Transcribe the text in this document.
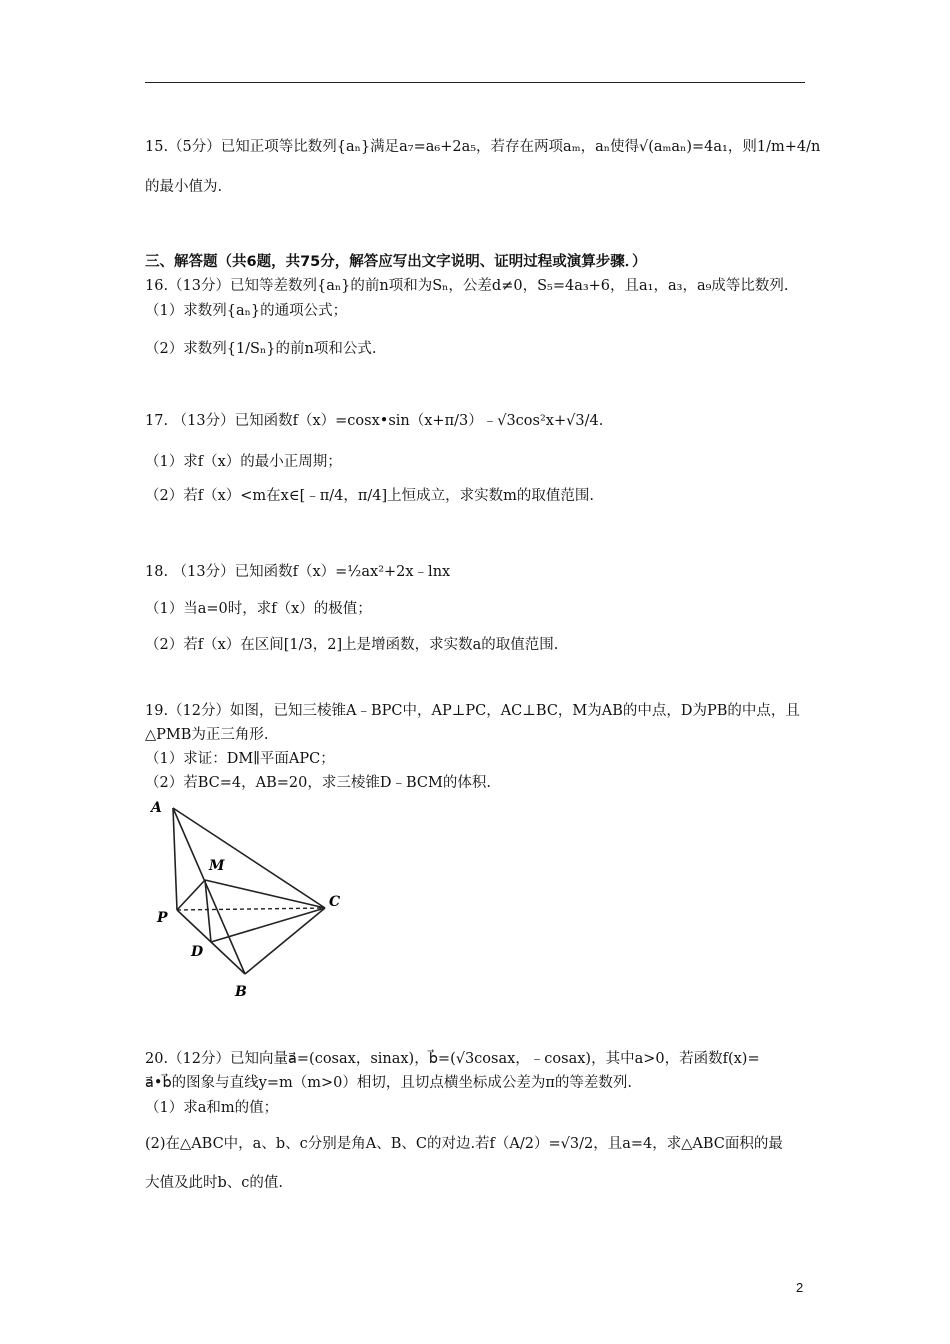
15.（5分）已知正项等比数列{aₙ}满足a₇=a₆+2a₅，若存在两项aₘ，aₙ使得√(aₘaₙ)=4a₁，则1/m+4/n
的最小值为.
三、解答题（共6题，共75分，解答应写出文字说明、证明过程或演算步骤．）
16.（13分）已知等差数列{aₙ}的前n项和为Sₙ，公差d≠0，S₅=4a₃+6，且a₁，a₃，a₉成等比数列.
（1）求数列{aₙ}的通项公式；
（2）求数列{1/Sₙ}的前n项和公式.
17. （13分）已知函数f（x）=cosx•sin（x+π/3）﹣√3cos²x+√3/4.
（1）求f（x）的最小正周期；
（2）若f（x）<m在x∈[﹣π/4，π/4]上恒成立，求实数m的取值范围.
18. （13分）已知函数f（x）=½ax²+2x﹣lnx
（1）当a=0时，求f（x）的极值；
（2）若f（x）在区间[1/3，2]上是增函数，求实数a的取值范围.
19.（12分）如图，已知三棱锥A﹣BPC中，AP⊥PC，AC⊥BC，M为AB的中点，D为PB的中点，且
△PMB为正三角形.
（1）求证：DM∥平面APC；
（2）若BC=4，AB=20，求三棱锥D﹣BCM的体积.
A
M
P
C
D
B
20.（12分）已知向量a⃗=(cosax，sinax)，b⃗=(√3cosax，﹣cosax)，其中a>0，若函数f(x)=
a⃗•b⃗的图象与直线y=m（m>0）相切，且切点横坐标成公差为π的等差数列.
（1）求a和m的值；
(2)在△ABC中，a、b、c分别是角A、B、C的对边.若f（A/2）=√3/2，且a=4，求△ABC面积的最
大值及此时b、c的值.
2
